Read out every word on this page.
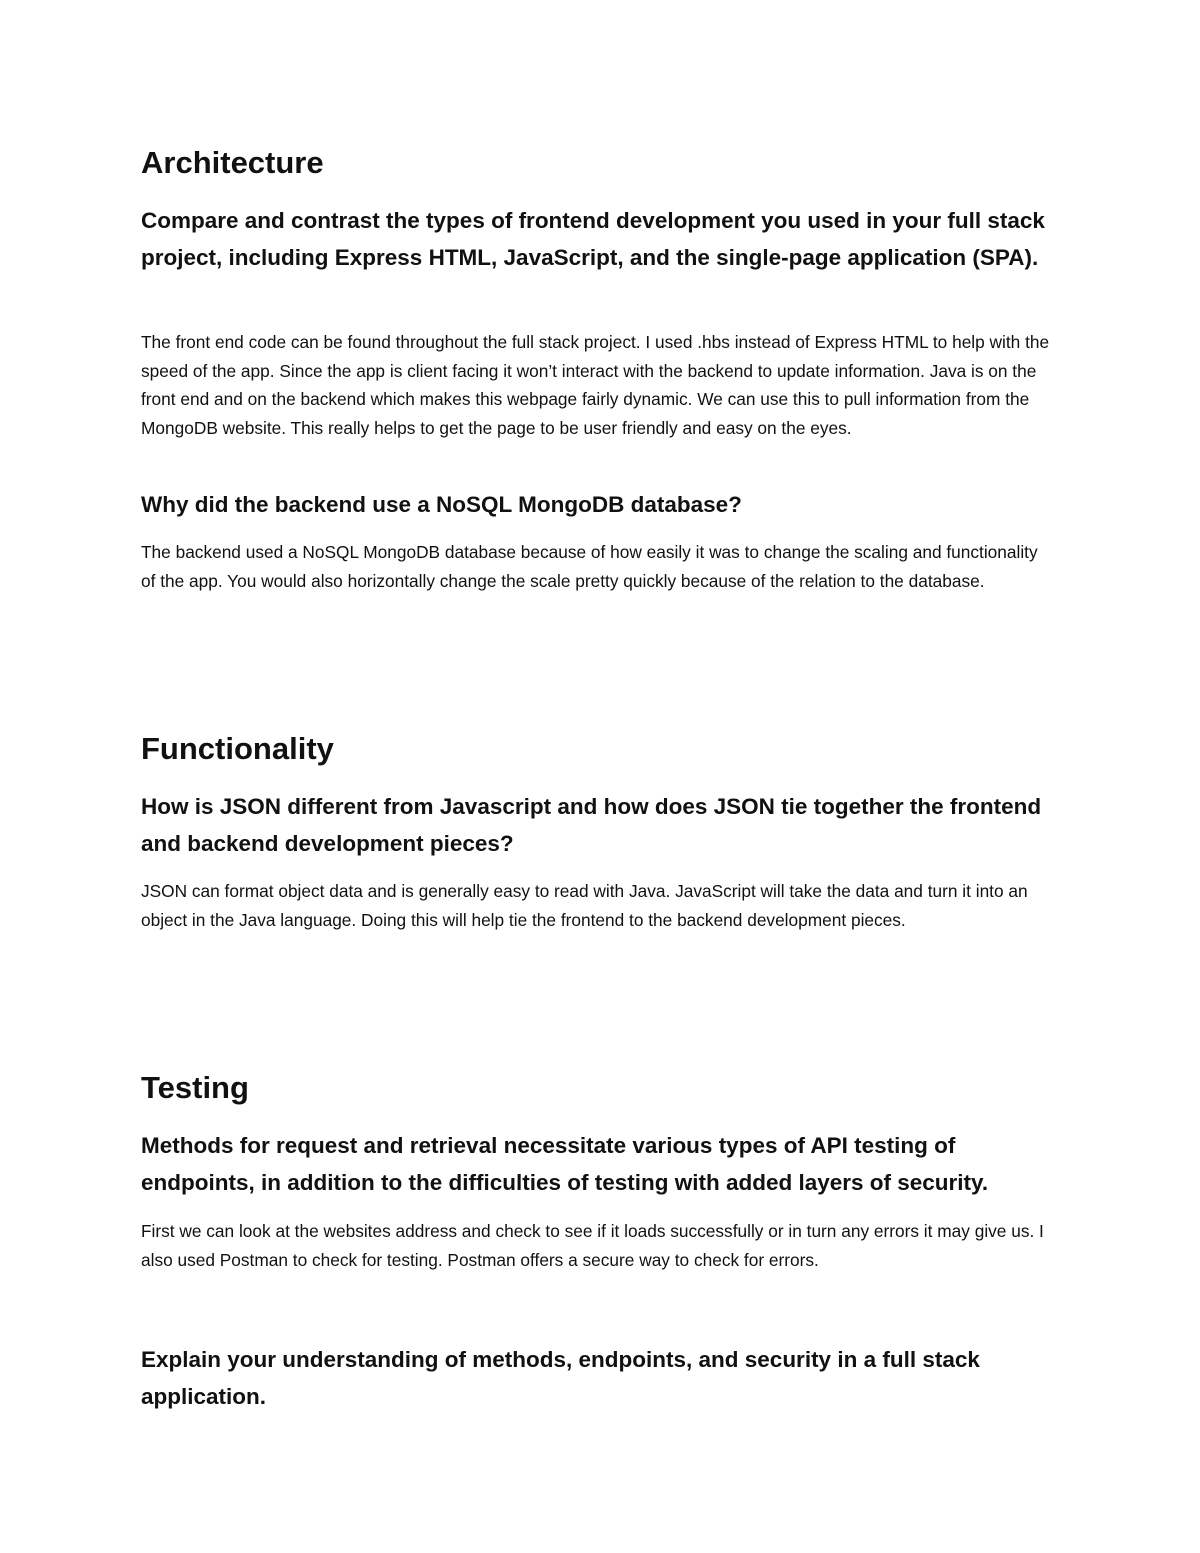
Architecture
Compare and contrast the types of frontend development you used in your full stack project, including Express HTML, JavaScript, and the single-page application (SPA).

The front end code can be found throughout the full stack project. I used .hbs instead of Express HTML to help with the speed of the app. Since the app is client facing it won’t interact with the backend to update information. Java is on the front end and on the backend which makes this webpage fairly dynamic. We can use this to pull information from the MongoDB website. This really helps to get the page to be user friendly and easy on the eyes.

Why did the backend use a NoSQL MongoDB database?

The backend used a NoSQL MongoDB database because of how easily it was to change the scaling and functionality of the app. You would also horizontally change the scale pretty quickly because of the relation to the database.

Functionality
How is JSON different from Javascript and how does JSON tie together the frontend and backend development pieces?

JSON can format object data and is generally easy to read with Java. JavaScript will take the data and turn it into an object in the Java language. Doing this will help tie the frontend to the backend development pieces.

Testing
Methods for request and retrieval necessitate various types of API testing of endpoints, in addition to the difficulties of testing with added layers of security.

First we can look at the websites address and check to see if it loads successfully or in turn any errors it may give us. I also used Postman to check for testing. Postman offers a secure way to check for errors.

Explain your understanding of methods, endpoints, and security in a full stack application.
